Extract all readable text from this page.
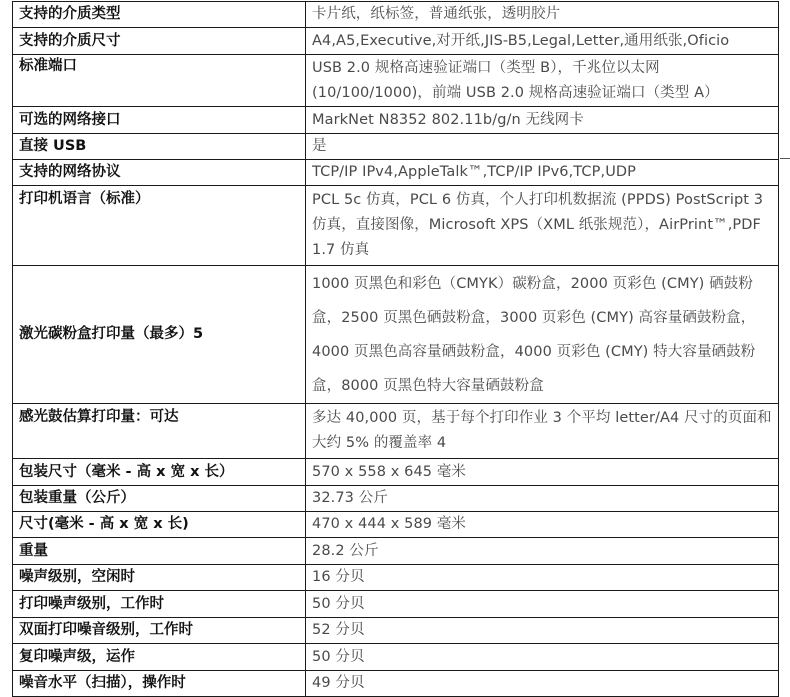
支持的介质类型	卡片纸，纸标签，普通纸张，透明胶片
支持的介质尺寸	A4,A5,Executive,对开纸,JIS-B5,Legal,Letter,通用纸张,Oficio
标准端口	USB 2.0 规格高速验证端口（类型 B），千兆位以太网 (10/100/1000)，前端 USB 2.0 规格高速验证端口（类型 A）
可选的网络接口	MarkNet N8352 802.11b/g/n 无线网卡
直接 USB	是
支持的网络协议	TCP/IP IPv4,AppleTalk™,TCP/IP IPv6,TCP,UDP
打印机语言（标准）	PCL 5c 仿真，PCL 6 仿真，个人打印机数据流 (PPDS) PostScript 3 仿真，直接图像，Microsoft XPS（XML 纸张规范），AirPrint™,PDF 1.7 仿真
激光碳粉盒打印量（最多）5	1000 页黑色和彩色（CMYK）碳粉盒，2000 页彩色 (CMY) 硒鼓粉盒，2500 页黑色硒鼓粉盒，3000 页彩色 (CMY) 高容量硒鼓粉盒，4000 页黑色高容量硒鼓粉盒，4000 页彩色 (CMY) 特大容量硒鼓粉盒，8000 页黑色特大容量硒鼓粉盒
感光鼓估算打印量：可达	多达 40,000 页，基于每个打印作业 3 个平均 letter/A4 尺寸的页面和大约 5% 的覆盖率 4
包装尺寸（毫米 - 高 x 宽 x 长）	570 x 558 x 645 毫米
包装重量（公斤）	32.73 公斤
尺寸(毫米 - 高 x 宽 x 长)	470 x 444 x 589 毫米
重量	28.2 公斤
噪声级别，空闲时	16 分贝
打印噪声级别，工作时	50 分贝
双面打印噪音级别，工作时	52 分贝
复印噪声级，运作	50 分贝
噪音水平（扫描），操作时	49 分贝
